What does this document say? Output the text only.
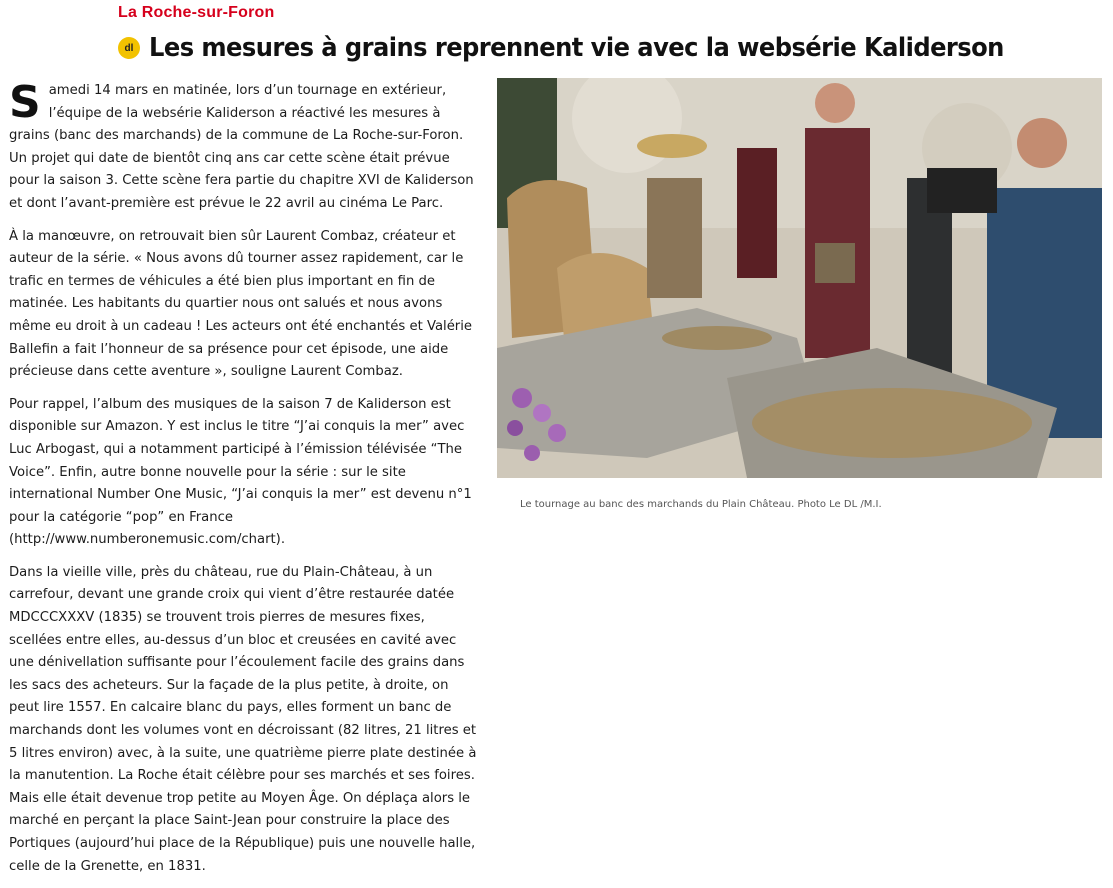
La Roche-sur-Foron
dl Les mesures à grains reprennent vie avec la websérie Kaliderson

Samedi 14 mars en matinée, lors d’un tournage en extérieur, l’équipe de la websérie Kaliderson a réactivé les mesures à grains (banc des marchands) de la commune de La Roche-sur-Foron. Un projet qui date de bientôt cinq ans car cette scène était prévue pour la saison 3. Cette scène fera partie du chapitre XVI de Kaliderson et dont l’avant-première est prévue le 22 avril au cinéma Le Parc.

À la manœuvre, on retrouvait bien sûr Laurent Combaz, créateur et auteur de la série. « Nous avons dû tourner assez rapidement, car le trafic en termes de véhicules a été bien plus important en fin de matinée. Les habitants du quartier nous ont salués et nous avons même eu droit à un cadeau ! Les acteurs ont été enchantés et Valérie Ballefin a fait l’honneur de sa présence pour cet épisode, une aide précieuse dans cette aventure », souligne Laurent Combaz.

Pour rappel, l’album des musiques de la saison 7 de Kaliderson est disponible sur Amazon. Y est inclus le titre “J’ai conquis la mer” avec Luc Arbogast, qui a notamment participé à l’émission télévisée “The Voice”. Enfin, autre bonne nouvelle pour la série : sur le site international Number One Music, “J’ai conquis la mer” est devenu n°1 pour la catégorie “pop” en France (http://www.numberonemusic.com/chart).

Dans la vieille ville, près du château, rue du Plain-Château, à un carrefour, devant une grande croix qui vient d’être restaurée datée MDCCCXXXV (1835) se trouvent trois pierres de mesures fixes, scellées entre elles, au-dessus d’un bloc et creusées en cavité avec une dénivellation suffisante pour l’écoulement facile des grains dans les sacs des acheteurs. Sur la façade de la plus petite, à droite, on peut lire 1557. En calcaire blanc du pays, elles forment un banc de marchands dont les volumes vont en décroissant (82 litres, 21 litres et 5 litres environ) avec, à la suite, une quatrième pierre plate destinée à la manutention. La Roche était célèbre pour ses marchés et ses foires. Mais elle était devenue trop petite au Moyen Âge. On déplaça alors le marché en perçant la place Saint-Jean pour construire la place des Portiques (aujourd’hui place de la République) puis une nouvelle halle, celle de la Grenette, en 1831.

Le tournage au banc des marchands du Plain Château. Photo Le DL /M.I.
